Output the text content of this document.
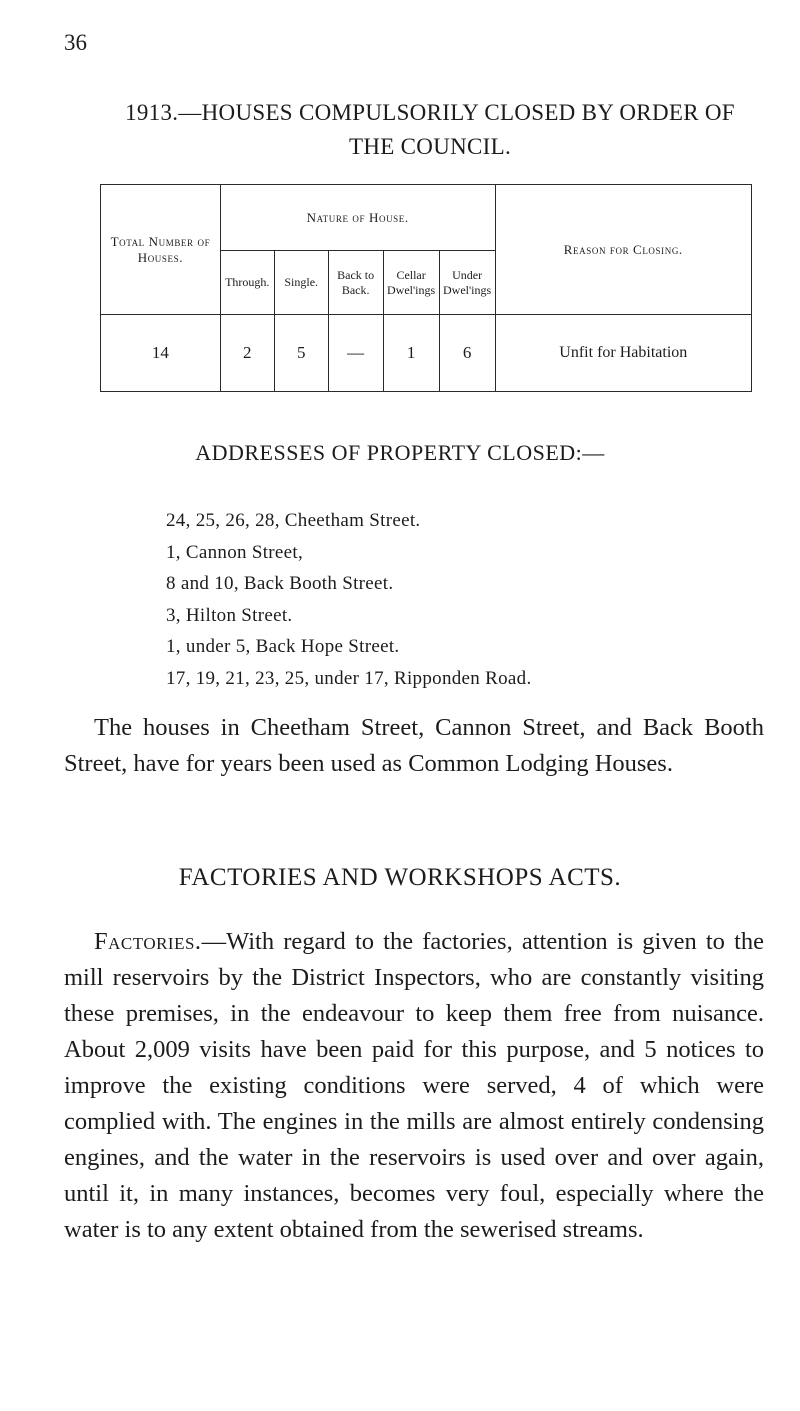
36
1913.—HOUSES COMPULSORILY CLOSED BY ORDER OF
THE COUNCIL.
Total Number of Houses.	Nature of House.					Reason for Closing.
	Through.	Single.	Back to Back.	Cellar Dwel'ings	Under Dwel'ings	
14	2	5	—	1	6	Unfit for Habitation
ADDRESSES OF PROPERTY CLOSED:—
24, 25, 26, 28, Cheetham Street.
1, Cannon Street,
8 and 10, Back Booth Street.
3, Hilton Street.
1, under 5, Back Hope Street.
17, 19, 21, 23, 25, under 17, Ripponden Road.

The houses in Cheetham Street, Cannon Street, and Back Booth Street, have for years been used as Common Lodging Houses.

FACTORIES AND WORKSHOPS ACTS.

Factories.—With regard to the factories, attention is given to the mill reservoirs by the District Inspectors, who are constantly visiting these premises, in the endeavour to keep them free from nuisance. About 2,009 visits have been paid for this purpose, and 5 notices to improve the existing conditions were served, 4 of which were complied with. The engines in the mills are almost entirely condensing engines, and the water in the reservoirs is used over and over again, until it, in many instances, becomes very foul, especially where the water is to any extent obtained from the sewerised streams.
